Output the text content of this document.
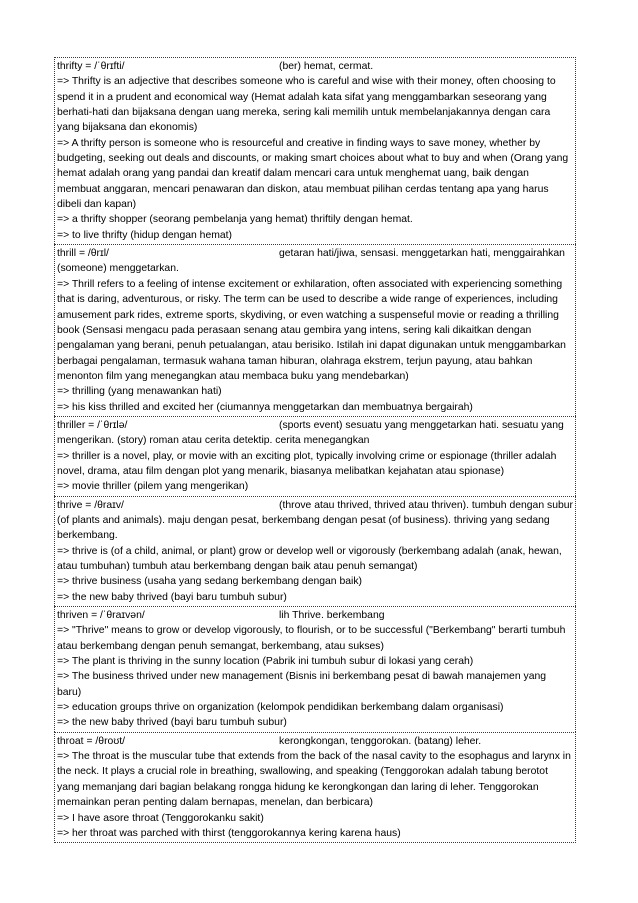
thrifty = /ˈθrɪfti/	(ber) hemat, cermat.
=> Thrifty is an adjective that describes someone who is careful and wise with their money, often choosing to spend it in a prudent and economical way (Hemat adalah kata sifat yang menggambarkan seseorang yang berhati-hati dan bijaksana dengan uang mereka, sering kali memilih untuk membelanjakannya dengan cara yang bijaksana dan ekonomis)
=> A thrifty person is someone who is resourceful and creative in finding ways to save money, whether by budgeting, seeking out deals and discounts, or making smart choices about what to buy and when (Orang yang hemat adalah orang yang pandai dan kreatif dalam mencari cara untuk menghemat uang, baik dengan membuat anggaran, mencari penawaran dan diskon, atau membuat pilihan cerdas tentang apa yang harus dibeli dan kapan)
=> a thrifty shopper (seorang pembelanja yang hemat) thriftily dengan hemat.
=> to live thrifty (hidup dengan hemat)
thrill = /θrɪl/	getaran hati/jiwa, sensasi. menggetarkan hati, menggairahkan (someone) menggetarkan.
=> Thrill refers to a feeling of intense excitement or exhilaration, often associated with experiencing something that is daring, adventurous, or risky. The term can be used to describe a wide range of experiences, including amusement park rides, extreme sports, skydiving, or even watching a suspenseful movie or reading a thrilling book (Sensasi mengacu pada perasaan senang atau gembira yang intens, sering kali dikaitkan dengan pengalaman yang berani, penuh petualangan, atau berisiko. Istilah ini dapat digunakan untuk menggambarkan berbagai pengalaman, termasuk wahana taman hiburan, olahraga ekstrem, terjun payung, atau bahkan menonton film yang menegangkan atau membaca buku yang mendebarkan)
=> thrilling (yang menawankan hati)
=> his kiss thrilled and excited her (ciumannya menggetarkan dan membuatnya bergairah)
thriller = /ˈθrɪlə/	(sports event) sesuatu yang menggetarkan hati. sesuatu yang mengerikan. (story) roman atau cerita detektip. cerita menegangkan
=> thriller is a novel, play, or movie with an exciting plot, typically involving crime or espionage (thriller adalah novel, drama, atau film dengan plot yang menarik, biasanya melibatkan kejahatan atau spionase)
=> movie thriller (pilem yang mengerikan)
thrive = /θraɪv/	(throve atau thrived, thrived atau thriven). tumbuh dengan subur (of plants and animals). maju dengan pesat, berkembang dengan pesat (of business). thriving yang sedang berkembang.
=> thrive is (of a child, animal, or plant) grow or develop well or vigorously (berkembang adalah (anak, hewan, atau tumbuhan) tumbuh atau berkembang dengan baik atau penuh semangat)
=> thrive business (usaha yang sedang berkembang dengan baik)
=> the new baby thrived (bayi baru tumbuh subur)
thriven = /ˈθraɪvən/	lih Thrive. berkembang
=> "Thrive" means to grow or develop vigorously, to flourish, or to be successful ("Berkembang" berarti tumbuh atau berkembang dengan penuh semangat, berkembang, atau sukses)
=> The plant is thriving in the sunny location (Pabrik ini tumbuh subur di lokasi yang cerah)
=> The business thrived under new management (Bisnis ini berkembang pesat di bawah manajemen yang baru)
=> education groups thrive on organization (kelompok pendidikan berkembang dalam organisasi)
=> the new baby thrived (bayi baru tumbuh subur)
throat = /θroʊt/	kerongkongan, tenggorokan. (batang) leher.
=> The throat is the muscular tube that extends from the back of the nasal cavity to the esophagus and larynx in the neck. It plays a crucial role in breathing, swallowing, and speaking (Tenggorokan adalah tabung berotot yang memanjang dari bagian belakang rongga hidung ke kerongkongan dan laring di leher. Tenggorokan memainkan peran penting dalam bernapas, menelan, dan berbicara)
=> I have asore throat (Tenggorokanku sakit)
=> her throat was parched with thirst (tenggorokannya kering karena haus)
